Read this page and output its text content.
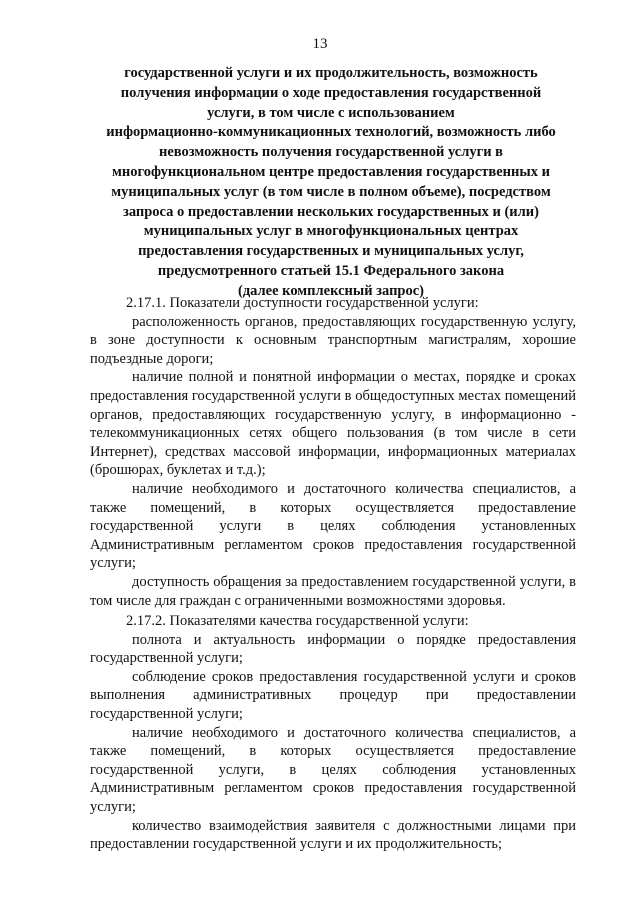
13
государственной услуги и их продолжительность, возможность
получения информации о ходе предоставления государственной
услуги, в том числе с использованием
информационно-коммуникационных технологий, возможность либо
невозможность получения государственной услуги в
многофункциональном центре предоставления государственных и
муниципальных услуг (в том числе в полном объеме), посредством
запроса о предоставлении нескольких государственных и (или)
муниципальных услуг в многофункциональных центрах
предоставления государственных и муниципальных услуг,
предусмотренного статьей 15.1 Федерального закона
(далее комплексный запрос)

2.17.1. Показатели доступности государственной услуги:

расположенность органов, предоставляющих государственную услугу, в зоне доступности к основным транспортным магистралям, хорошие подъездные дороги;

наличие полной и понятной информации о местах, порядке и сроках предоставления государственной услуги в общедоступных местах помещений органов, предоставляющих государственную услугу, в информационно - телекоммуникационных сетях общего пользования (в том числе в сети Интернет), средствах массовой информации, информационных материалах (брошюрах, буклетах и т.д.);

наличие необходимого и достаточного количества специалистов, а также помещений, в которых осуществляется предоставление государственной услуги в целях соблюдения установленных Административным регламентом сроков предоставления государственной услуги;

доступность обращения за предоставлением государственной услуги, в том числе для граждан с ограниченными возможностями здоровья.

2.17.2. Показателями качества государственной услуги:

полнота и актуальность информации о порядке предоставления государственной услуги;

соблюдение сроков предоставления государственной услуги и сроков выполнения административных процедур при предоставлении государственной услуги;

наличие необходимого и достаточного количества специалистов, а также помещений, в которых осуществляется предоставление государственной услуги, в целях соблюдения установленных Административным регламентом сроков предоставления государственной услуги;

количество взаимодействия заявителя с должностными лицами при предоставлении государственной услуги и их продолжительность;
